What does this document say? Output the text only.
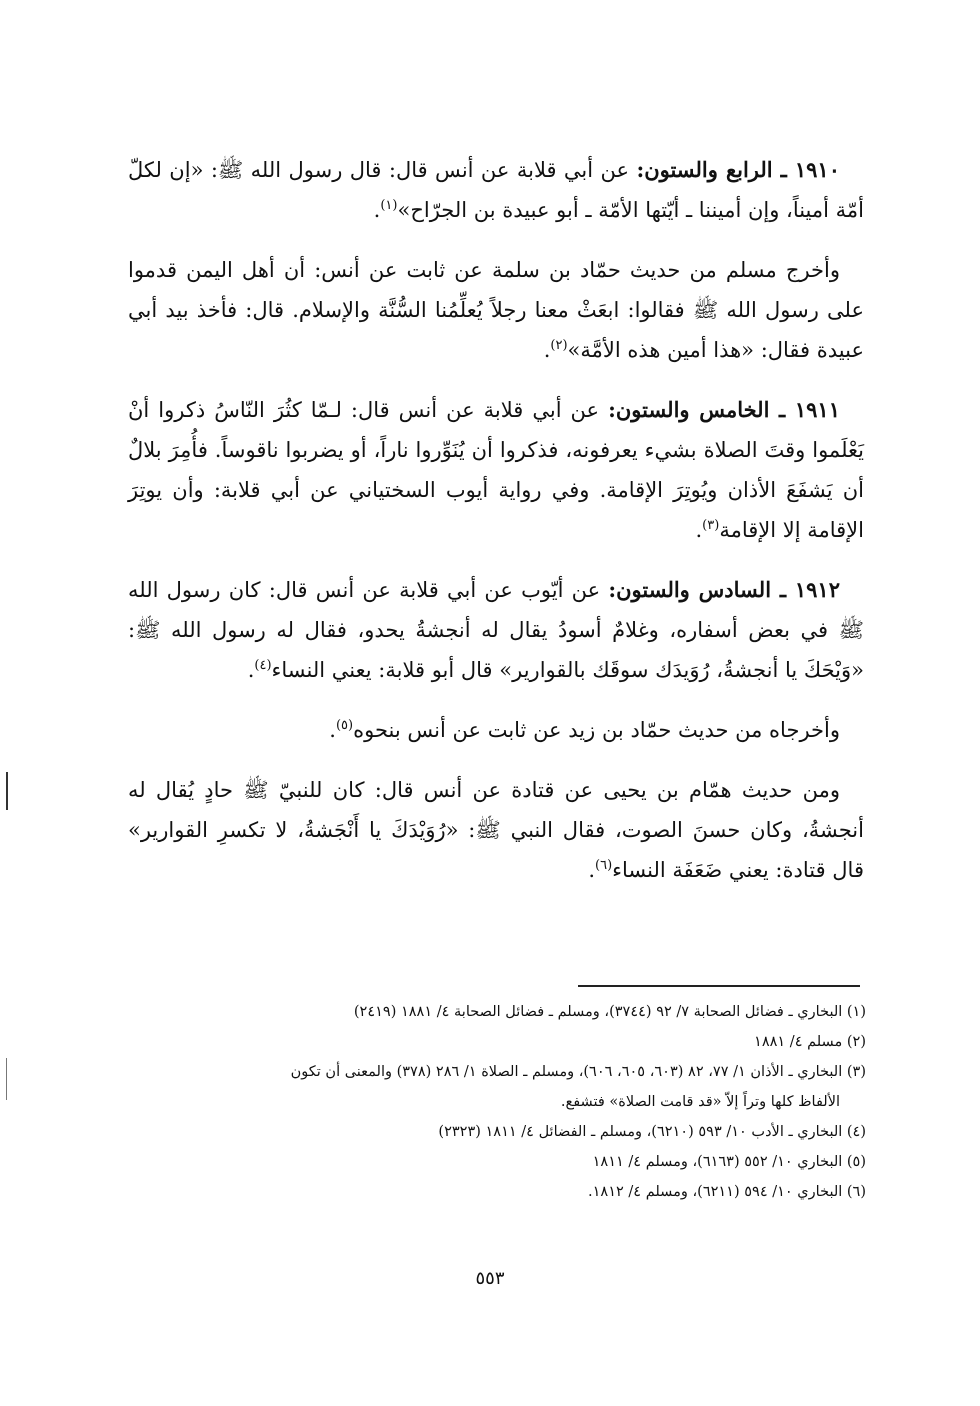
١٩١٠ ـ الرابع والستون: عن أبي قلابة عن أنس قال: قال رسول الله ﷺ: «إن لكلّ أمّة أميناً، وإن أميننا ـ أيّتها الأمّة ـ أبو عبيدة بن الجرّاح»$^{(١)}$.

وأخرج مسلم من حديث حمّاد بن سلمة عن ثابت عن أنس: أن أهل اليمن قدموا على رسول الله ﷺ فقالوا: ابعَثْ معنا رجلاً يُعلِّمُنا السُّنَّة والإسلام. قال: فأخذ بيد أبي عبيدة فقال: «هذا أمين هذه الأمَّة»$^{(٢)}$.

١٩١١ ـ الخامس والستون: عن أبي قلابة عن أنس قال: لـمّا كثُرَ النّاسُ ذكروا أنْ يَعْلَموا وقتَ الصلاة بشيء يعرفونه، فذكروا أن يُنَوِّروا ناراً، أو يضربوا ناقوساً. فأُمِرَ بلالٌ أن يَشفَعَ الأذان ويُوتِرَ الإقامة. وفي رواية أيوب السختياني عن أبي قلابة: وأن يوتِرَ الإقامة إلا الإقامة$^{(٣)}$.

١٩١٢ ـ السادس والستون: عن أيّوب عن أبي قلابة عن أنس قال: كان رسول الله ﷺ في بعض أسفاره، وغلامٌ أسودُ يقال له أنجشةُ يحدو، فقال له رسول الله ﷺ: «وَيْحَكَ يا أنجشةُ، رُوَيدَك سوقَك بالقوارير» قال أبو قلابة: يعني النساء$^{(٤)}$.

وأخرجاه من حديث حمّاد بن زيد عن ثابت عن أنس بنحوه$^{(٥)}$.

ومن حديث همّام بن يحيى عن قتادة عن أنس قال: كان للنبيّ ﷺ حادٍ يُقال له أنجشةُ، وكان حسنَ الصوت، فقال النبي ﷺ: «رُوَيْدَكَ يا أَنْجَشةُ، لا تكسرِ القوارير» قال قتادة: يعني ضَعَفَة النساء$^{(٦)}$.

(١) البخاري ـ فضائل الصحابة ٧/ ٩٢ (٣٧٤٤)، ومسلم ـ فضائل الصحابة ٤/ ١٨٨١ (٢٤١٩)

(٢) مسلم ٤/ ١٨٨١

(٣) البخاري ـ الأذان ١/ ٧٧، ٨٢ (٦٠٣، ٦٠٥، ٦٠٦)، ومسلم ـ الصلاة ١/ ٢٨٦ (٣٧٨) والمعنى أن تكون

الألفاظ كلها وتراً إلاّ «قد قامت الصلاة» فتشفع.

(٤) البخاري ـ الأدب ١٠/ ٥٩٣ (٦٢١٠)، ومسلم ـ الفضائل ٤/ ١٨١١ (٢٣٢٣)

(٥) البخاري ١٠/ ٥٥٢ (٦١٦٣)، ومسلم ٤/ ١٨١١

(٦) البخاري ١٠/ ٥٩٤ (٦٢١١)، ومسلم ٤/ ١٨١٢.

٥٥٣
